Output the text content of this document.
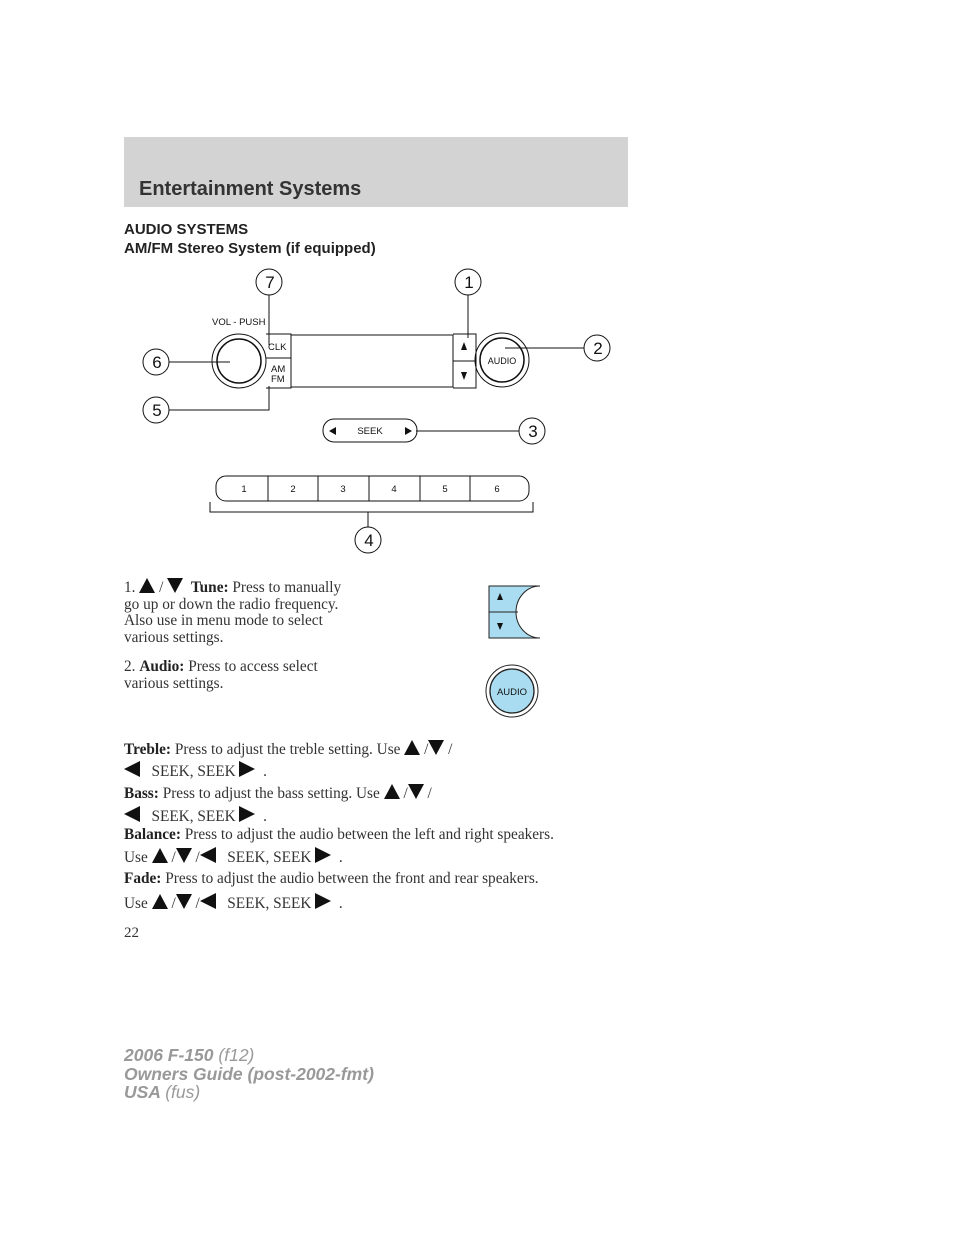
Entertainment Systems
AUDIO SYSTEMS
AM/FM Stereo System (if equipped)
VOL - PUSH
CLK
AM
FM
AUDIO
SEEK
1	2	3	4	5	6
1
2
3
4
5
6
7
1. / Tune: Press to manually
go up or down the radio frequency.
Also use in menu mode to select
various settings.
2. Audio: Press to access select
various settings.
AUDIO
Treble: Press to adjust the treble setting. Use / /
SEEK, SEEK .
Bass: Press to adjust the bass setting. Use / /
SEEK, SEEK .
Balance: Press to adjust the audio between the left and right speakers.
Use / / SEEK, SEEK .
Fade: Press to adjust the audio between the front and rear speakers.
Use / / SEEK, SEEK .
22
2006 F-150 (f12)
Owners Guide (post-2002-fmt)
USA (fus)
